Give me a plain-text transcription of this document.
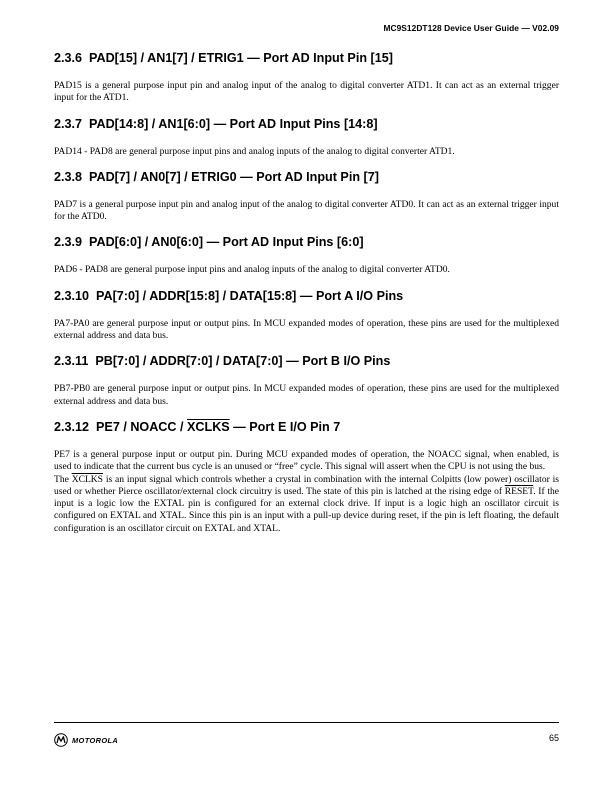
MC9S12DT128 Device User Guide — V02.09
2.3.6 PAD[15] / AN1[7] / ETRIG1 — Port AD Input Pin [15]

PAD15 is a general purpose input pin and analog input of the analog to digital converter ATD1. It can act as an external trigger input for the ATD1.

2.3.7 PAD[14:8] / AN1[6:0] — Port AD Input Pins [14:8]

PAD14 - PAD8 are general purpose input pins and analog inputs of the analog to digital converter ATD1.

2.3.8 PAD[7] / AN0[7] / ETRIG0 — Port AD Input Pin [7]

PAD7 is a general purpose input pin and analog input of the analog to digital converter ATD0. It can act as an external trigger input for the ATD0.

2.3.9 PAD[6:0] / AN0[6:0] — Port AD Input Pins [6:0]

PAD6 - PAD8 are general purpose input pins and analog inputs of the analog to digital converter ATD0.

2.3.10 PA[7:0] / ADDR[15:8] / DATA[15:8] — Port A I/O Pins

PA7-PA0 are general purpose input or output pins. In MCU expanded modes of operation, these pins are used for the multiplexed external address and data bus.

2.3.11 PB[7:0] / ADDR[7:0] / DATA[7:0] — Port B I/O Pins

PB7-PB0 are general purpose input or output pins. In MCU expanded modes of operation, these pins are used for the multiplexed external address and data bus.

2.3.12 PE7 / NOACC / XCLKS — Port E I/O Pin 7

PE7 is a general purpose input or output pin. During MCU expanded modes of operation, the NOACC signal, when enabled, is used to indicate that the current bus cycle is an unused or “free” cycle. This signal will assert when the CPU is not using the bus.

The XCLKS is an input signal which controls whether a crystal in combination with the internal Colpitts (low power) oscillator is used or whether Pierce oscillator/external clock circuitry is used. The state of this pin is latched at the rising edge of RESET. If the input is a logic low the EXTAL pin is configured for an external clock drive. If input is a logic high an oscillator circuit is configured on EXTAL and XTAL. Since this pin is an input with a pull-up device during reset, if the pin is left floating, the default configuration is an oscillator circuit on EXTAL and XTAL.

MOTOROLA	65
